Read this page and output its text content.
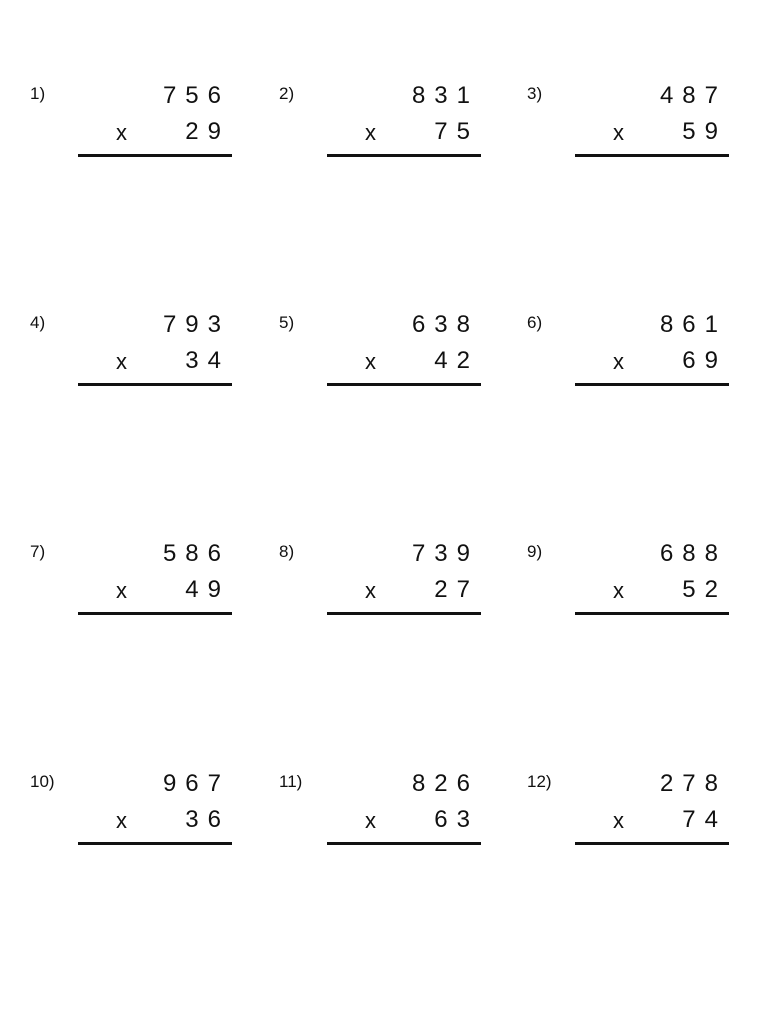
1)	756
x 29
2)	831
x 75
3)	487
x 59
4)	793
x 34
5)	638
x 42
6)	861
x 69
7)	586
x 49
8)	739
x 27
9)	688
x 52
10)	967
x 36
11)	826
x 63
12)	278
x 74
